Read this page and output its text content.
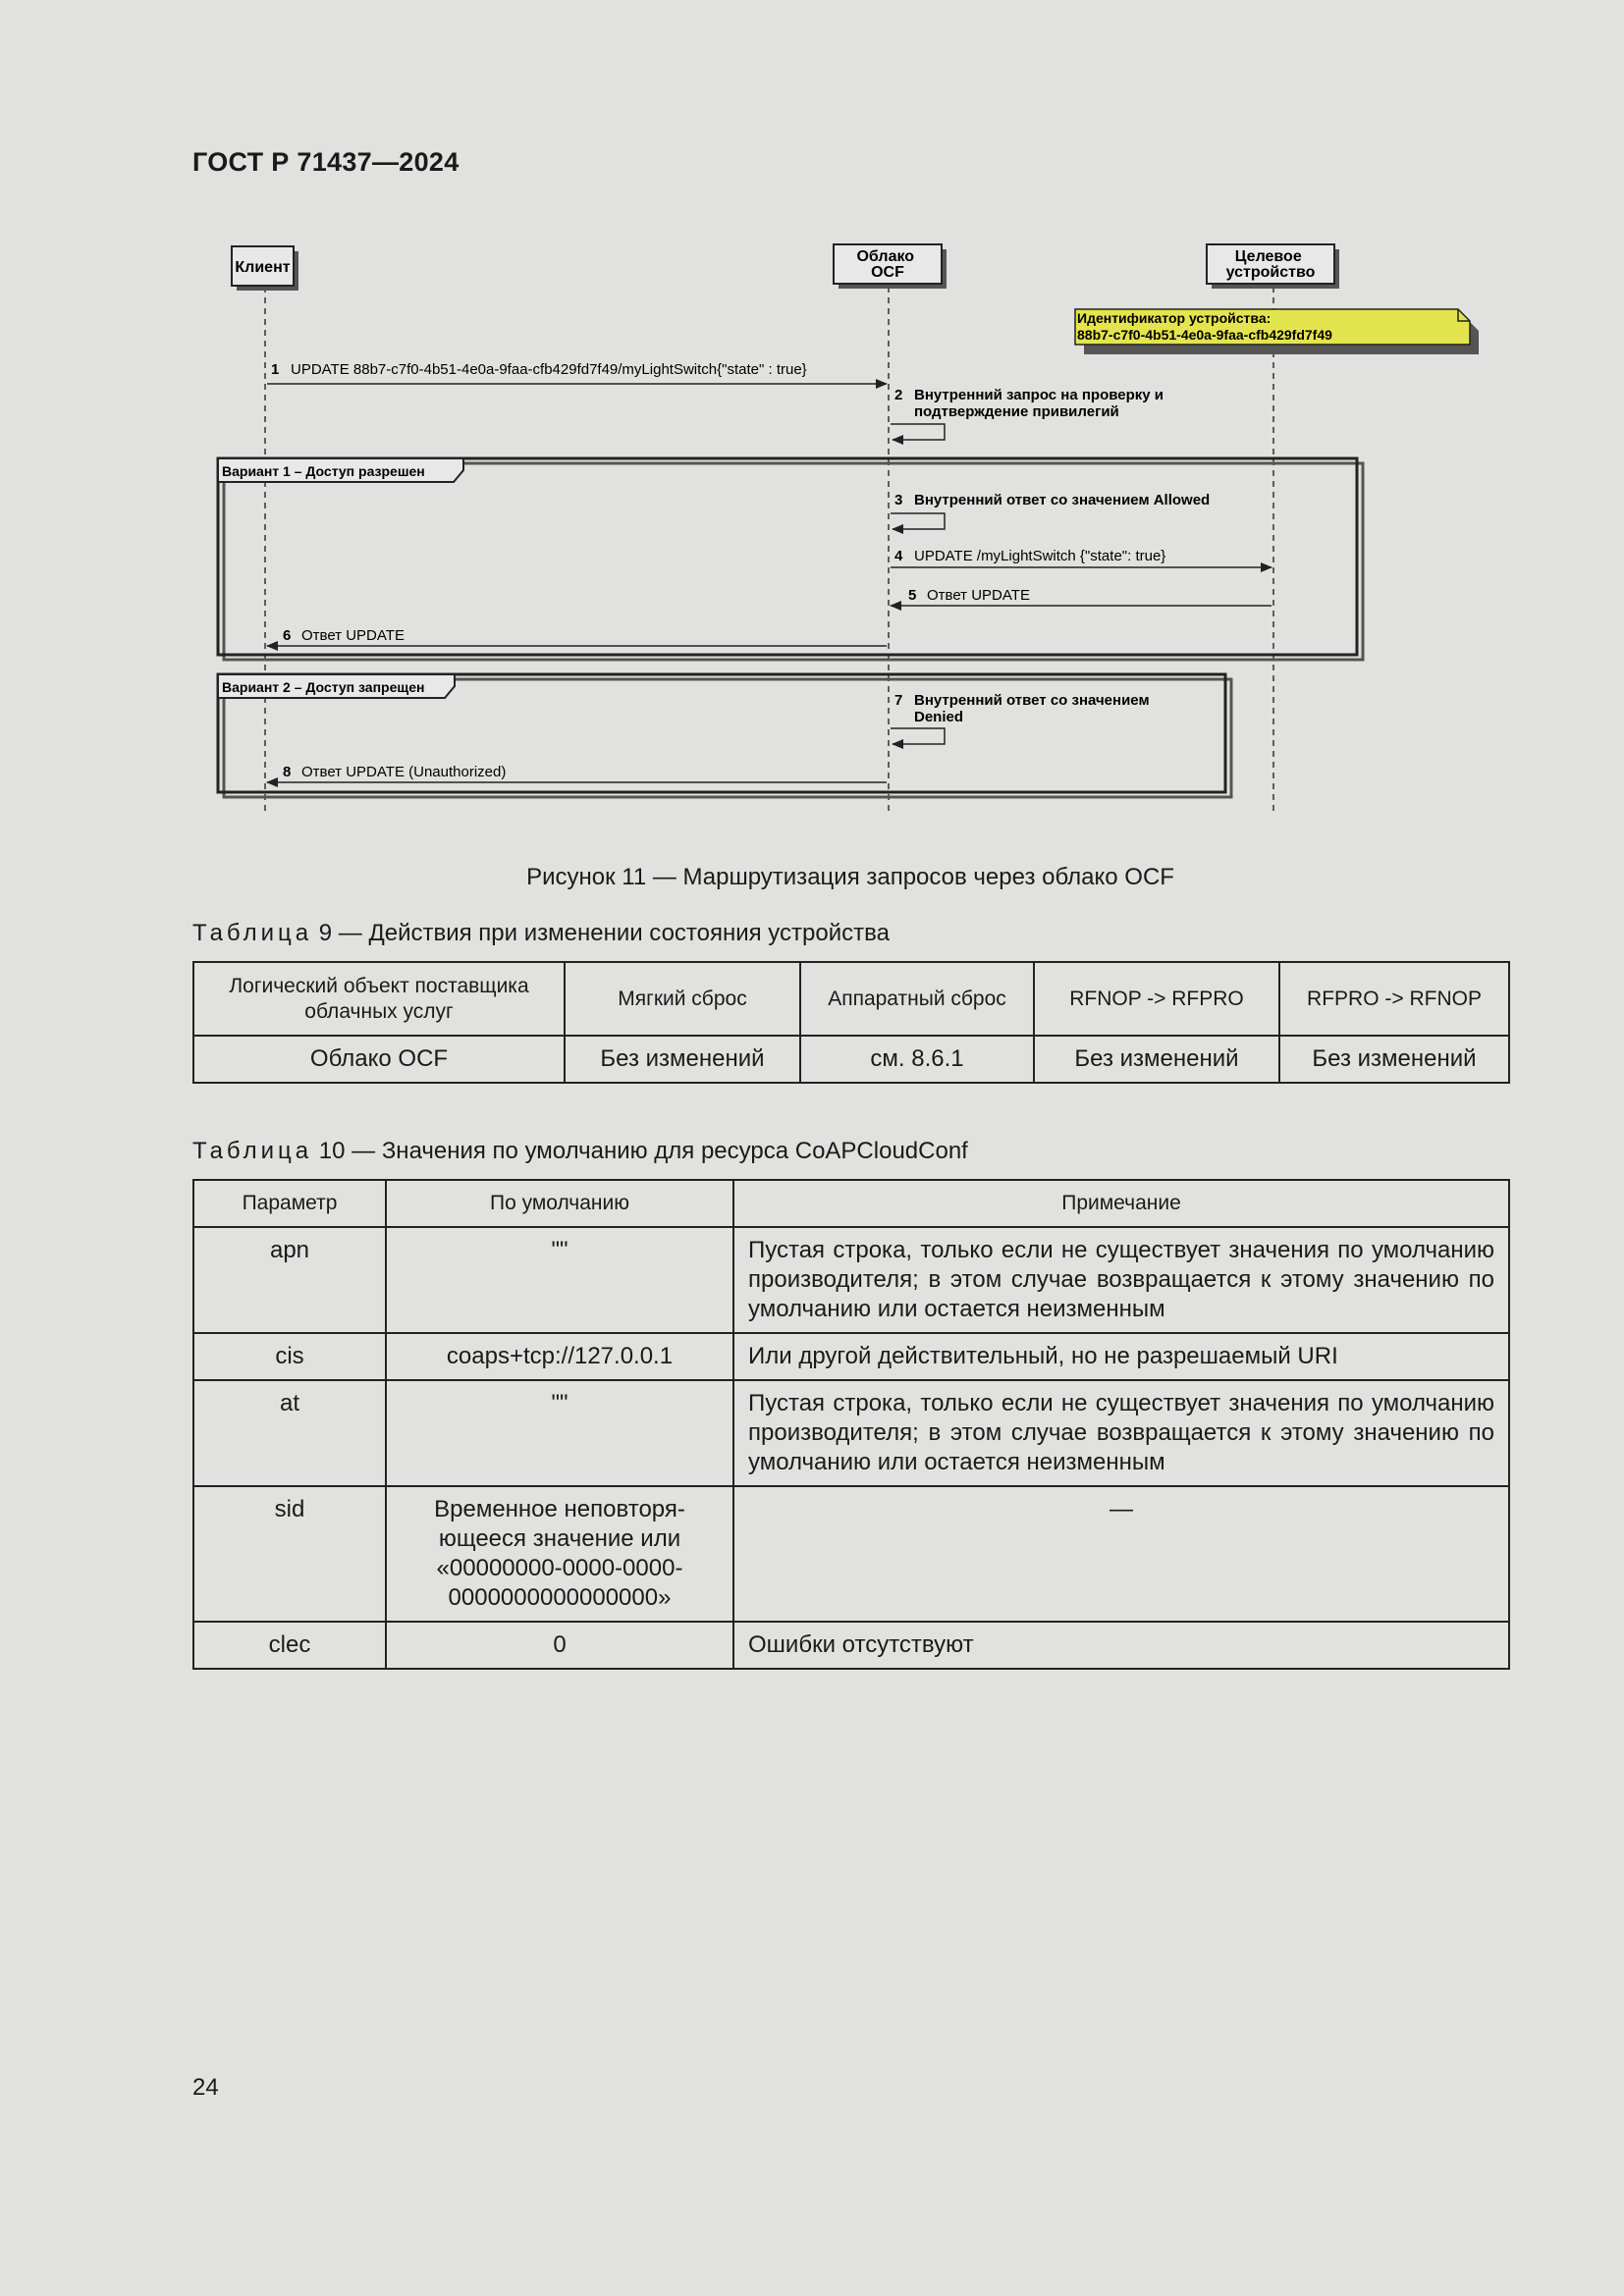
ГОСТ Р 71437—2024
Клиент
Облако OCF
Целевое устройство
Идентификатор устройства:
88b7-c7f0-4b51-4e0a-9faa-cfb429fd7f49
1 UPDATE 88b7-c7f0-4b51-4e0a-9faa-cfb429fd7f49/myLightSwitch{"state" : true}
2 Внутренний запрос на проверку и
подтверждение привилегий
Вариант 1 – Доступ разрешен
3 Внутренний ответ со значением Allowed
4 UPDATE /myLightSwitch {"state": true}
5 Ответ UPDATE
6 Ответ UPDATE
Вариант 2 – Доступ запрещен
7 Внутренний ответ со значением
Denied
8 Ответ UPDATE (Unauthorized)
Рисунок 11 — Маршрутизация запросов через облако OCF
Таблица 9 — Действия при изменении состояния устройства
Логический объект поставщика облачных услуг	Мягкий сброс	Аппаратный сброс	RFNOP -> RFPRO	RFPRO -> RFNOP
Облако OCF	Без изменений	см. 8.6.1	Без изменений	Без изменений
Таблица 10 — Значения по умолчанию для ресурса CoAPCloudConf
Параметр	По умолчанию	Примечание
apn	""	Пустая строка, только если не существует значения по умолчанию производителя; в этом случае возвращается к этому значению по умолчанию или остается неизменным
cis	coaps+tcp://127.0.0.1	Или другой действительный, но не разрешаемый URI
at	""	Пустая строка, только если не существует значения по умолчанию производителя; в этом случае возвращается к этому значению по умолчанию или остается неизменным
sid	Временное неповторяющееся значение или «00000000-0000-0000-0000000000000000»	—
clec	0	Ошибки отсутствуют
24
